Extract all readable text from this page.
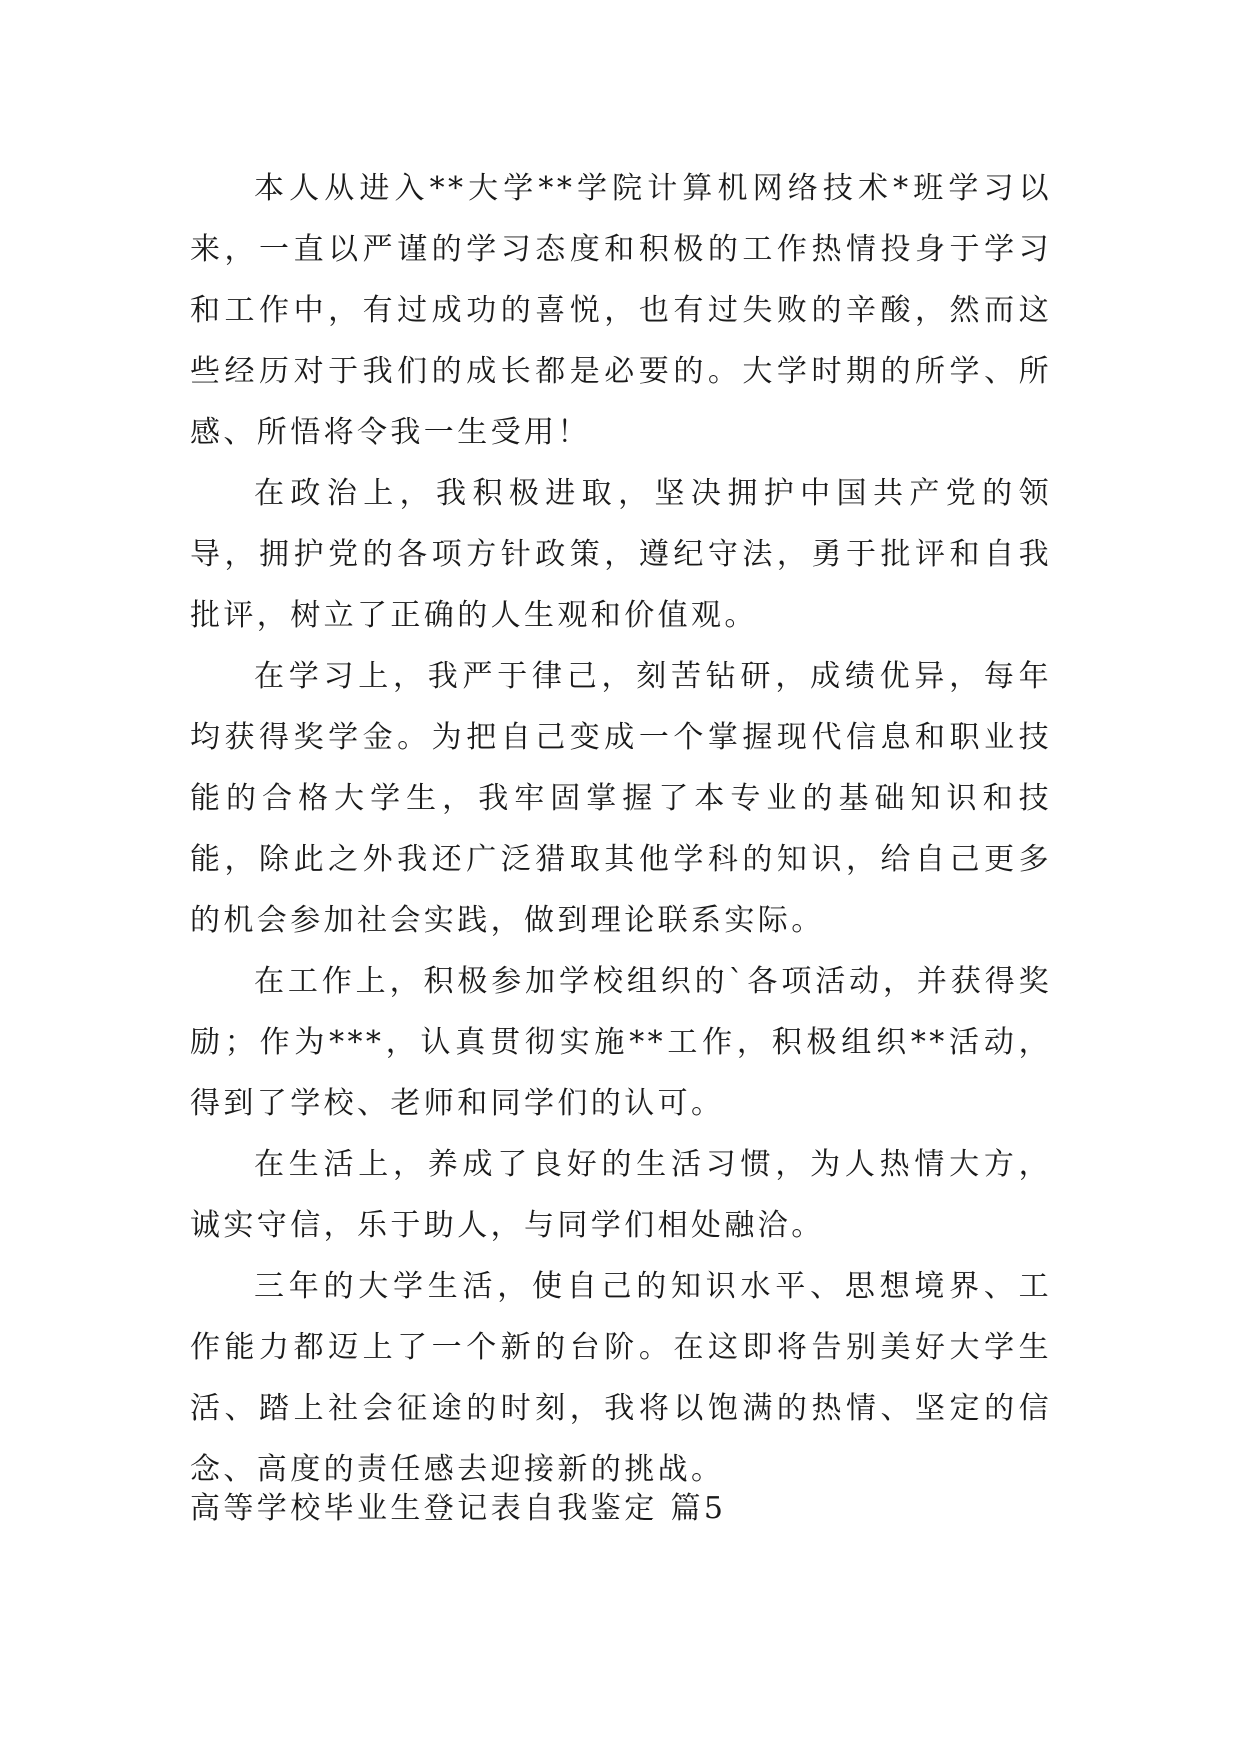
本人从进入**大学**学院计算机网络技术*班学习以来，一直以严谨的学习态度和积极的工作热情投身于学习和工作中，有过成功的喜悦，也有过失败的辛酸，然而这些经历对于我们的成长都是必要的。大学时期的所学、所感、所悟将令我一生受用！

在政治上，我积极进取，坚决拥护中国共产党的领导，拥护党的各项方针政策，遵纪守法，勇于批评和自我批评，树立了正确的人生观和价值观。

在学习上，我严于律己，刻苦钻研，成绩优异，每年均获得奖学金。为把自己变成一个掌握现代信息和职业技能的合格大学生，我牢固掌握了本专业的基础知识和技能，除此之外我还广泛猎取其他学科的知识，给自己更多的机会参加社会实践，做到理论联系实际。

在工作上，积极参加学校组织的`各项活动，并获得奖励；作为***，认真贯彻实施**工作，积极组织**活动，得到了学校、老师和同学们的认可。

在生活上，养成了良好的生活习惯，为人热情大方，诚实守信，乐于助人，与同学们相处融洽。

三年的大学生活，使自己的知识水平、思想境界、工作能力都迈上了一个新的台阶。在这即将告别美好大学生活、踏上社会征途的时刻，我将以饱满的热情、坚定的信念、高度的责任感去迎接新的挑战。

高等学校毕业生登记表自我鉴定 篇5
